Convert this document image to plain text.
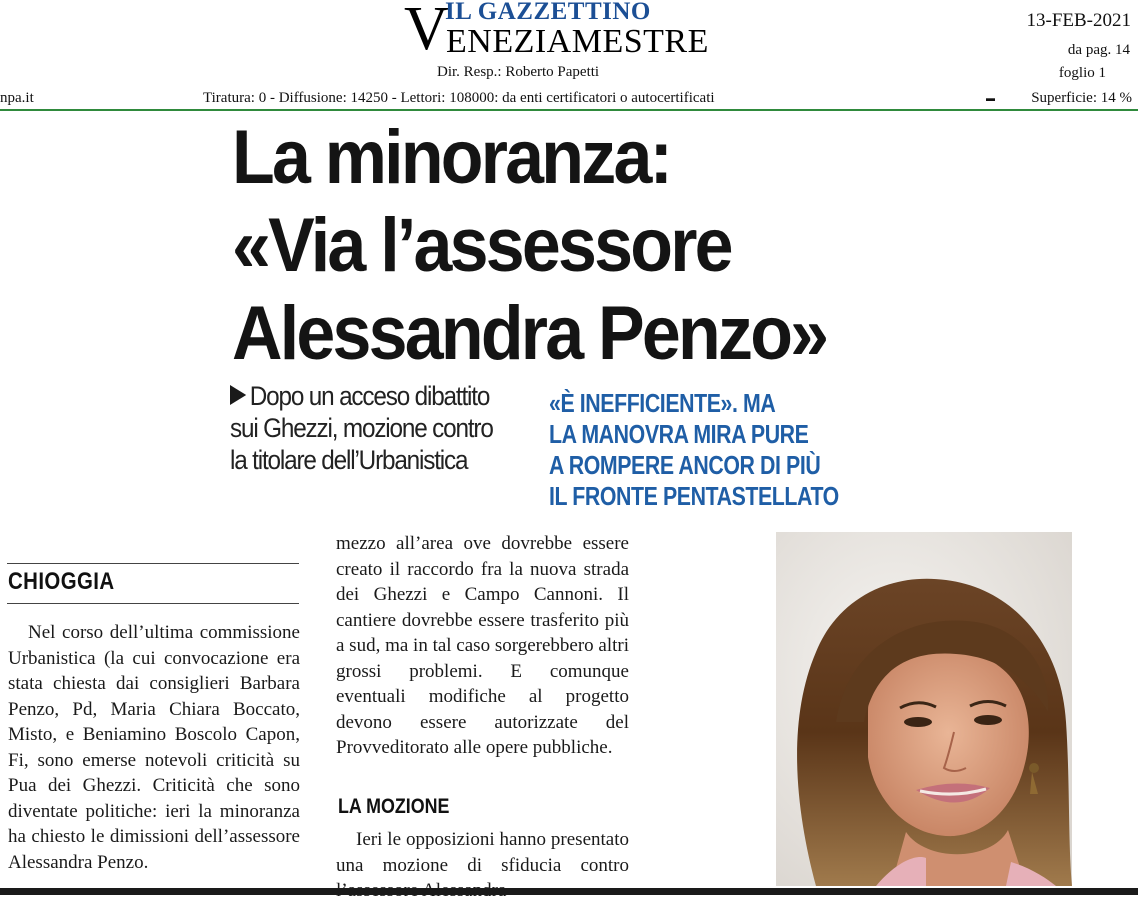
V
IL GAZZETTINO
ENEZIAMESTRE
Dir. Resp.: Roberto Papetti
13-FEB-2021
da pag. 14
foglio 1
npa.it	Tiratura: 0 - Diffusione: 14250 - Lettori: 108000: da enti certificatori o autocertificati	▬ Superficie: 14 %
La minoranza:
«Via l’assessore
Alessandra Penzo»
Dopo un acceso dibattito
sui Ghezzi, mozione contro
la titolare dell’Urbanistica
«È INEFFICIENTE». MA
LA MANOVRA MIRA PURE
A ROMPERE ANCOR DI PIÙ
IL FRONTE PENTASTELLATO
CHIOGGIA
Nel corso dell’ultima commissione Urbanistica (la cui convocazione era stata chiesta dai consiglieri Barbara Penzo, Pd, Maria Chiara Boccato, Misto, e Beniamino Boscolo Capon, Fi, sono emerse notevoli criticità su Pua dei Ghezzi. Criticità che sono diventate politiche: ieri la minoranza ha chiesto le dimissioni dell’assessore Alessandra Penzo.
mezzo all’area ove dovrebbe essere creato il raccordo fra la nuova strada dei Ghezzi e Campo Cannoni. Il cantiere dovrebbe essere trasferito più a sud, ma in tal caso sorgerebbero altri grossi problemi. E comunque eventuali modifiche al progetto devono essere autorizzate del Provveditorato alle opere pubbliche.
LA MOZIONE
Ieri le opposizioni hanno presentato una mozione di sfiducia contro
